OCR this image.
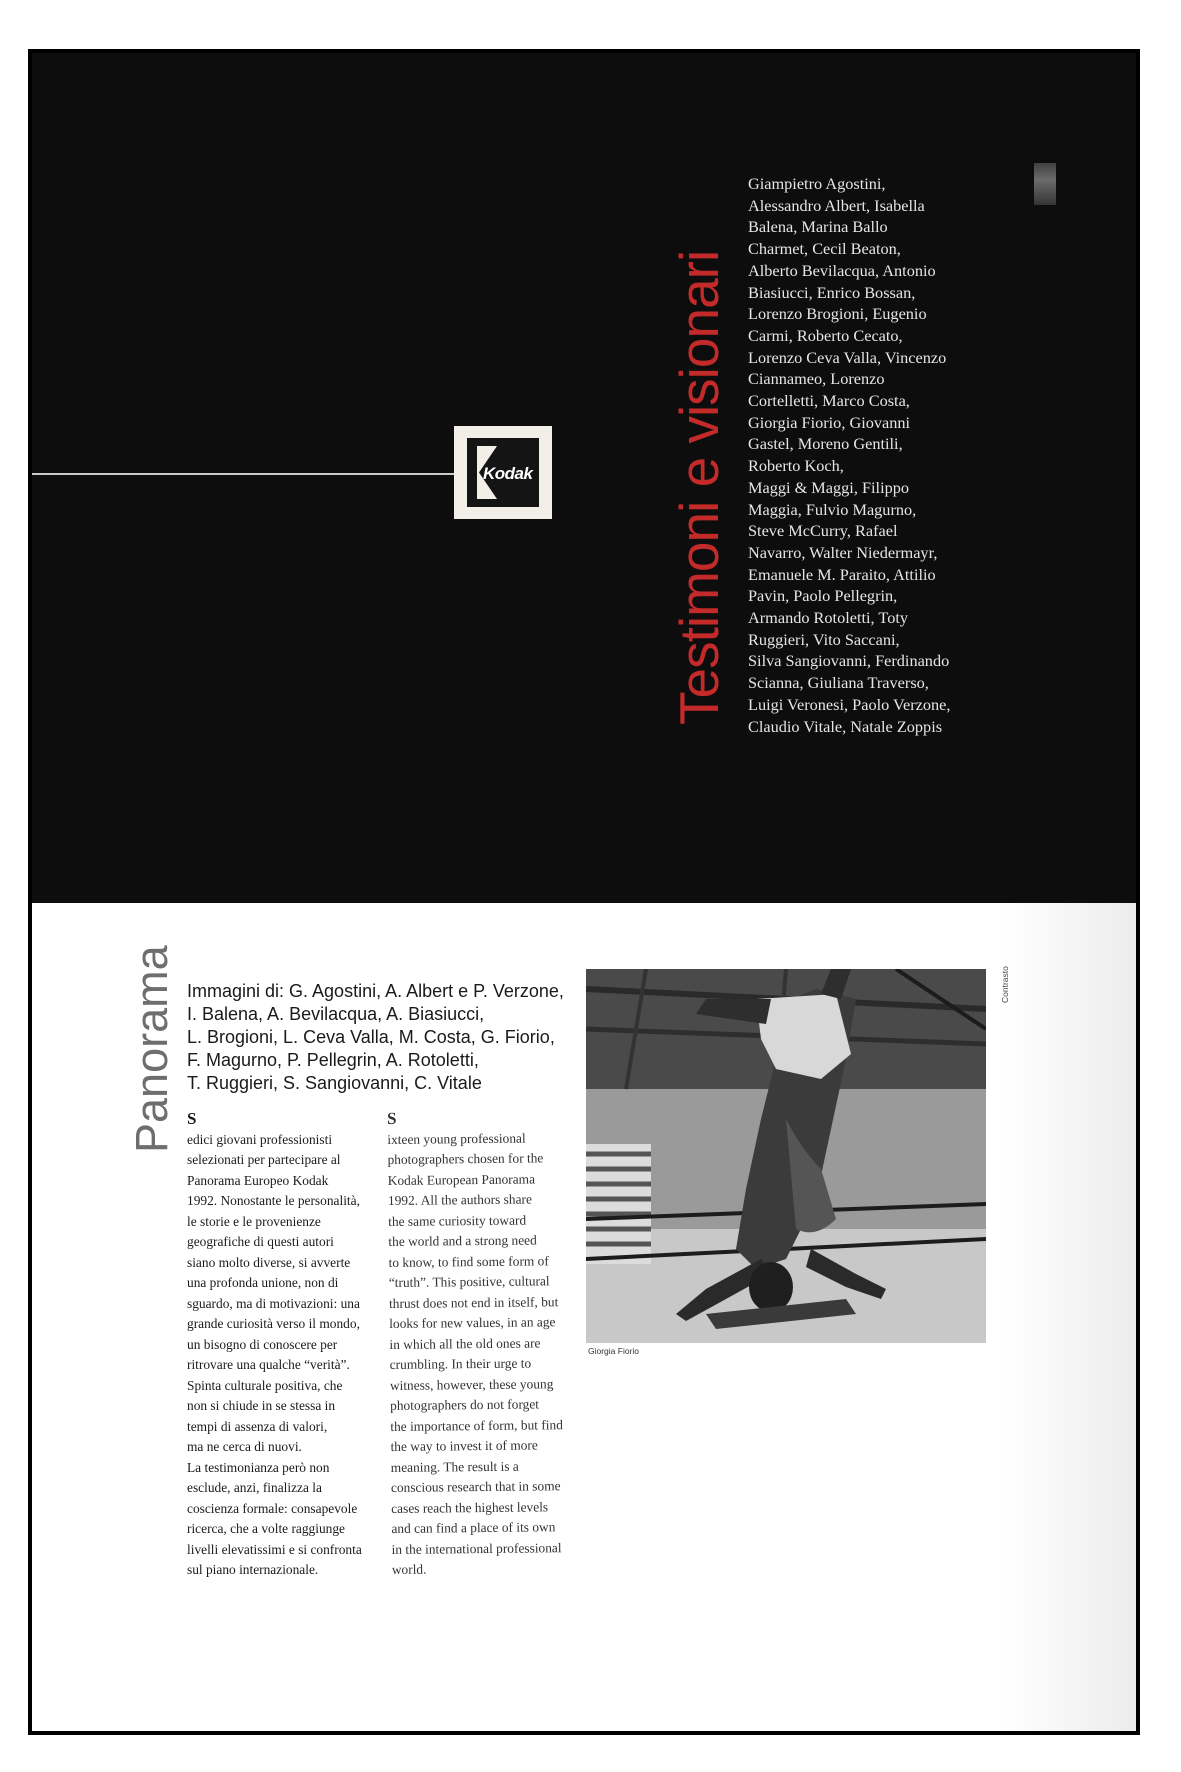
Kodak Testimoni e visionari
Giampietro Agostini,
Alessandro Albert, Isabella
Balena, Marina Ballo
Charmet, Cecil Beaton,
Alberto Bevilacqua, Antonio
Biasiucci, Enrico Bossan,
Lorenzo Brogioni, Eugenio
Carmi, Roberto Cecato,
Lorenzo Ceva Valla, Vincenzo
Ciannameo, Lorenzo
Cortelletti, Marco Costa,
Giorgia Fiorio, Giovanni
Gastel, Moreno Gentili,
Roberto Koch,
Maggi & Maggi, Filippo
Maggia, Fulvio Magurno,
Steve McCurry, Rafael
Navarro, Walter Niedermayr,
Emanuele M. Paraito, Attilio
Pavin, Paolo Pellegrin,
Armando Rotoletti, Toty
Ruggieri, Vito Saccani,
Silva Sangiovanni, Ferdinando
Scianna, Giuliana Traverso,
Luigi Veronesi, Paolo Verzone,
Claudio Vitale, Natale Zoppis
Panorama Immagini di: G. Agostini, A. Albert e P. Verzone,
I. Balena, A. Bevilacqua, A. Biasiucci,
L. Brogioni, L. Ceva Valla, M. Costa, G. Fiorio,
F. Magurno, P. Pellegrin, A. Rotoletti,
T. Ruggieri, S. Sangiovanni, C. Vitale
S
edici giovani professionisti
selezionati per partecipare al
Panorama Europeo Kodak
1992. Nonostante le personalità,
le storie e le provenienze
geografiche di questi autori
siano molto diverse, si avverte
una profonda unione, non di
sguardo, ma di motivazioni: una
grande curiosità verso il mondo,
un bisogno di conoscere per
ritrovare una qualche “verità”.
Spinta culturale positiva, che
non si chiude in se stessa in
tempi di assenza di valori,
ma ne cerca di nuovi.
La testimonianza però non
esclude, anzi, finalizza la
coscienza formale: consapevole
ricerca, che a volte raggiunge
livelli elevatissimi e si confronta
sul piano internazionale.
S
ixteen young professional
photographers chosen for the
Kodak European Panorama
1992. All the authors share
the same curiosity toward
the world and a strong need
to know, to find some form of
“truth”. This positive, cultural
thrust does not end in itself, but
looks for new values, in an age
in which all the old ones are
crumbling. In their urge to
witness, however, these young
photographers do not forget
the importance of form, but find
the way to invest it of more
meaning. The result is a
conscious research that in some
cases reach the highest levels
and can find a place of its own
in the international professional
world.
Giorgia Fiorio
Contrasto
